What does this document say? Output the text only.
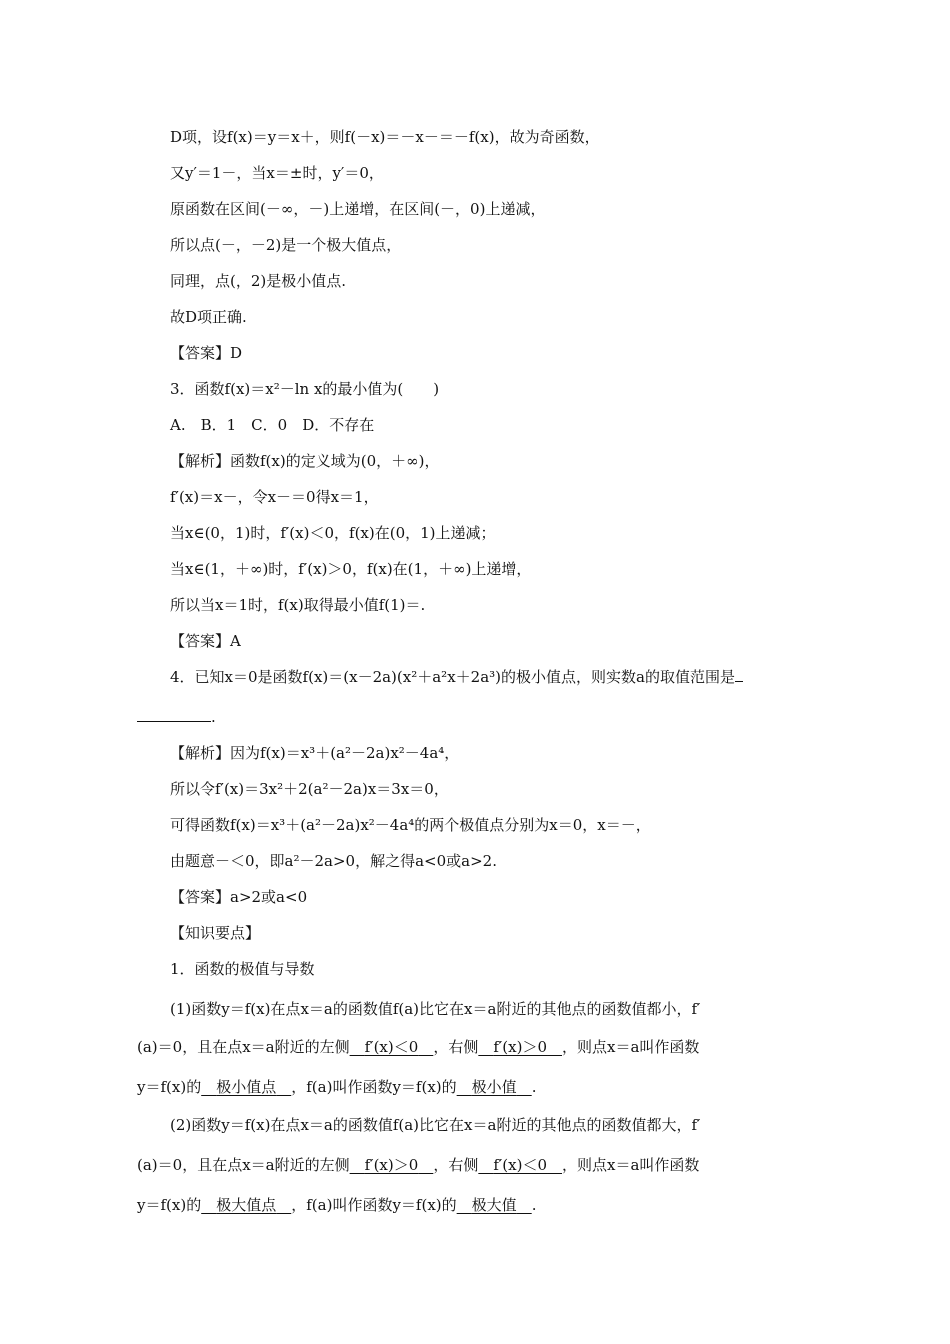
D项，设f(x)＝y＝x＋，则f(－x)＝－x－＝－f(x)，故为奇函数，
又y′＝1－，当x＝±时，y′＝0，
原函数在区间(－∞，－)上递增，在区间(－，0)上递减，
所以点(－，－2)是一个极大值点，
同理，点(，2)是极小值点.
故D项正确.
【答案】D
3．函数f(x)＝x²－ln x的最小值为(　　)
A.　B．1　C．0　D．不存在
【解析】函数f(x)的定义域为(0，＋∞)，
f′(x)＝x－，令x－＝0得x＝1，
当x∈(0，1)时，f′(x)＜0，f(x)在(0，1)上递减；
当x∈(1，＋∞)时，f′(x)＞0，f(x)在(1，＋∞)上递增，
所以当x＝1时，f(x)取得最小值f(1)＝.
【答案】A
4．已知x＝0是函数f(x)＝(x－2a)(x²＋a²x＋2a³)的极小值点，则实数a的取值范围是
.
【解析】因为f(x)＝x³＋(a²－2a)x²－4a⁴，
所以令f′(x)＝3x²＋2(a²－2a)x＝3x＝0，
可得函数f(x)＝x³＋(a²－2a)x²－4a⁴的两个极值点分别为x＝0，x＝－，
由题意－＜0，即a²－2a>0，解之得a<0或a>2.
【答案】a>2或a<0
【知识要点】
1．函数的极值与导数
(1)函数y＝f(x)在点x＝a的函数值f(a)比它在x＝a附近的其他点的函数值都小，f′
(a)＝0，且在点x＝a附近的左侧　 f′(x)＜0　 ，右侧　 f′(x)＞0　 ，则点x＝a叫作函数
y＝f(x)的　 极小值点　 ，f(a)叫作函数y＝f(x)的　 极小值　 .
(2)函数y＝f(x)在点x＝a的函数值f(a)比它在x＝a附近的其他点的函数值都大，f′
(a)＝0，且在点x＝a附近的左侧　 f′(x)＞0　 ，右侧　 f′(x)＜0　 ，则点x＝a叫作函数
y＝f(x)的　 极大值点　 ，f(a)叫作函数y＝f(x)的　 极大值　 .
